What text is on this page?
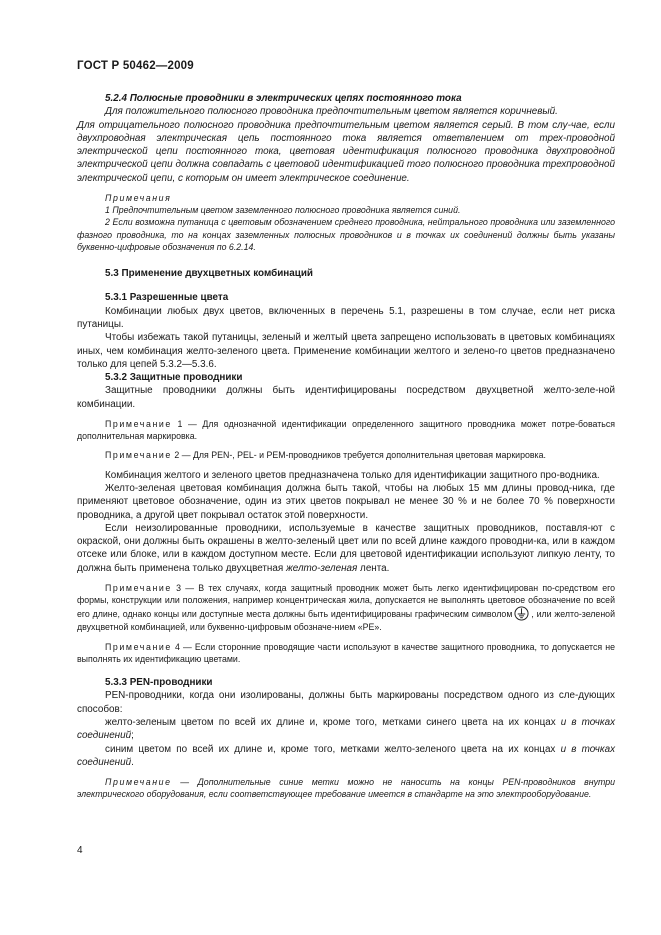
ГОСТ Р 50462—2009

5.2.4 Полюсные проводники в электрических цепях постоянного тока

Для положительного полюсного проводника предпочтительным цветом является коричневый.

Для отрицательного полюсного проводника предпочтительным цветом является серый. В том слу-чае, если двухпроводная электрическая цепь постоянного тока является ответвлением от трех-проводной электрической цепи постоянного тока, цветовая идентификация полюсного проводника двухпроводной электрической цепи должна совпадать с цветовой идентификацией того полюсного проводника трехпроводной электрической цепи, с которым он имеет электрическое соединение.

Примечания

1 Предпочтительным цветом заземленного полюсного проводника является синий.

2 Если возможна путаница с цветовым обозначением среднего проводника, нейтрального проводника или заземленного фазного проводника, то на концах заземленных полюсных проводников и в точках их соединений должны быть указаны буквенно-цифровые обозначения по 6.2.14.

5.3 Применение двухцветных комбинаций

5.3.1 Разрешенные цвета

Комбинации любых двух цветов, включенных в перечень 5.1, разрешены в том случае, если нет риска путаницы.

Чтобы избежать такой путаницы, зеленый и желтый цвета запрещено использовать в цветовых комбинациях иных, чем комбинация желто-зеленого цвета. Применение комбинации желтого и зелено-го цветов предназначено только для цепей 5.3.2—5.3.6.

5.3.2 Защитные проводники

Защитные проводники должны быть идентифицированы посредством двухцветной желто-зеле-ной комбинации.

Примечание 1 — Для однозначной идентификации определенного защитного проводника может потре-боваться дополнительная маркировка.

Примечание 2 — Для PEN-, PEL- и PEM-проводников требуется дополнительная цветовая маркировка.

Комбинация желтого и зеленого цветов предназначена только для идентификации защитного про-водника.

Желто-зеленая цветовая комбинация должна быть такой, чтобы на любых 15 мм длины провод-ника, где применяют цветовое обозначение, один из этих цветов покрывал не менее 30 % и не более 70 % поверхности проводника, а другой цвет покрывал остаток этой поверхности.

Если неизолированные проводники, используемые в качестве защитных проводников, поставля-ют с окраской, они должны быть окрашены в желто-зеленый цвет или по всей длине каждого проводни-ка, или в каждом отсеке или блоке, или в каждом доступном месте. Если для цветовой идентификации используют липкую ленту, то должна быть применена только двухцветная желто-зеленая лента.

Примечание 3 — В тех случаях, когда защитный проводник может быть легко идентифицирован по-средством его формы, конструкции или положения, например концентрическая жила, допускается не выполнять цветовое обозначение по всей его длине, однако концы или доступные места должны быть идентифицированы графическим символом , или желто-зеленой двухцветной комбинацией, или буквенно-цифровым обозначе-нием «PE».

Примечание 4 — Если сторонние проводящие части используют в качестве защитного проводника, то допускается не выполнять их идентификацию цветами.

5.3.3 PEN-проводники

PEN-проводники, когда они изолированы, должны быть маркированы посредством одного из сле-дующих способов:

желто-зеленым цветом по всей их длине и, кроме того, метками синего цвета на их концах и в точках соединений;

синим цветом по всей их длине и, кроме того, метками желто-зеленого цвета на их концах и в точках соединений.

Примечание — Дополнительные синие метки можно не наносить на концы PEN-проводников внутри электрического оборудования, если соответствующее требование имеется в стандарте на это электрооборудование.

4
